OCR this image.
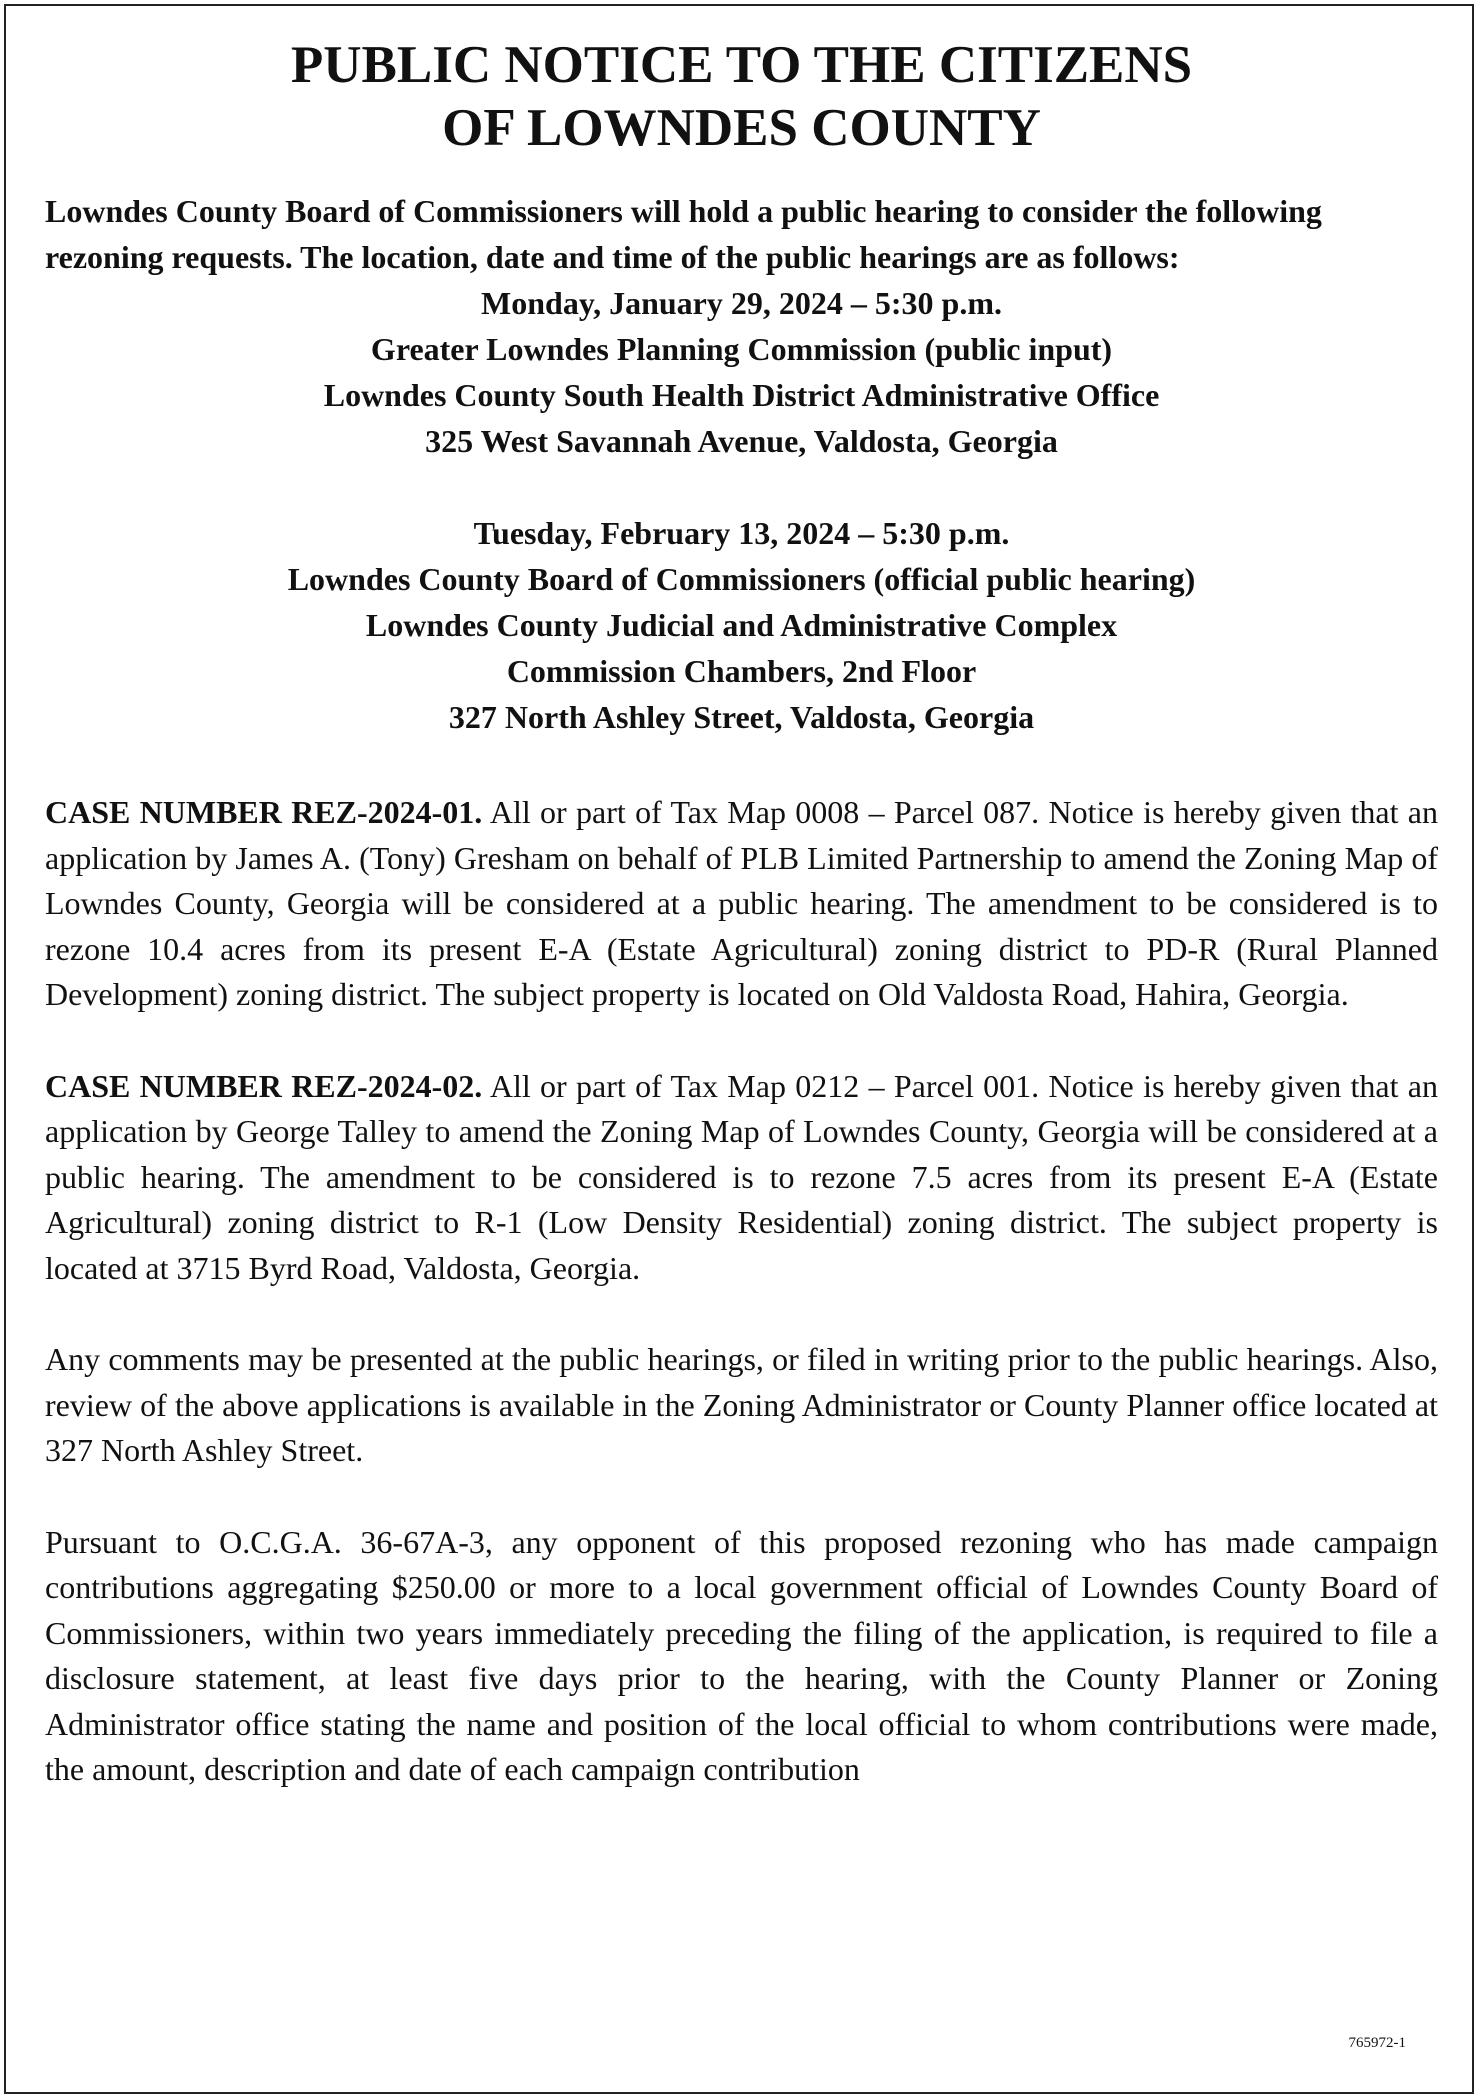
PUBLIC NOTICE TO THE CITIZENS
OF LOWNDES COUNTY

Lowndes County Board of Commissioners will hold a public hearing to consider the following rezoning requests. The location, date and time of the public hearings are as follows:

Monday, January 29, 2024 – 5:30 p.m.
Greater Lowndes Planning Commission (public input)
Lowndes County South Health District Administrative Office
325 West Savannah Avenue, Valdosta, Georgia
Tuesday, February 13, 2024 – 5:30 p.m.
Lowndes County Board of Commissioners (official public hearing)
Lowndes County Judicial and Administrative Complex
Commission Chambers, 2nd Floor
327 North Ashley Street, Valdosta, Georgia

CASE NUMBER REZ-2024-01. All or part of Tax Map 0008 – Parcel 087. Notice is hereby given that an application by James A. (Tony) Gresham on behalf of PLB Limited Partnership to amend the Zoning Map of Lowndes County, Georgia will be considered at a public hearing. The amendment to be considered is to rezone 10.4 acres from its present E-A (Estate Agricultural) zoning district to PD-R (Rural Planned Development) zoning district. The subject property is located on Old Valdosta Road, Hahira, Georgia.

CASE NUMBER REZ-2024-02. All or part of Tax Map 0212 – Parcel 001. Notice is hereby given that an application by George Talley to amend the Zoning Map of Lowndes County, Georgia will be considered at a public hearing. The amendment to be considered is to rezone 7.5 acres from its present E-A (Estate Agricultural) zoning district to R-1 (Low Density Residential) zoning district. The subject property is located at 3715 Byrd Road, Valdosta, Georgia.

Any comments may be presented at the public hearings, or filed in writing prior to the public hearings. Also, review of the above applications is available in the Zoning Administrator or County Planner office located at 327 North Ashley Street.

Pursuant to O.C.G.A. 36-67A-3, any opponent of this proposed rezoning who has made campaign contributions aggregating $250.00 or more to a local government official of Lowndes County Board of Commissioners, within two years immediately preceding the filing of the application, is required to file a disclosure statement, at least five days prior to the hearing, with the County Planner or Zoning Administrator office stating the name and position of the local official to whom contributions were made, the amount, description and date of each campaign contribution

765972-1
